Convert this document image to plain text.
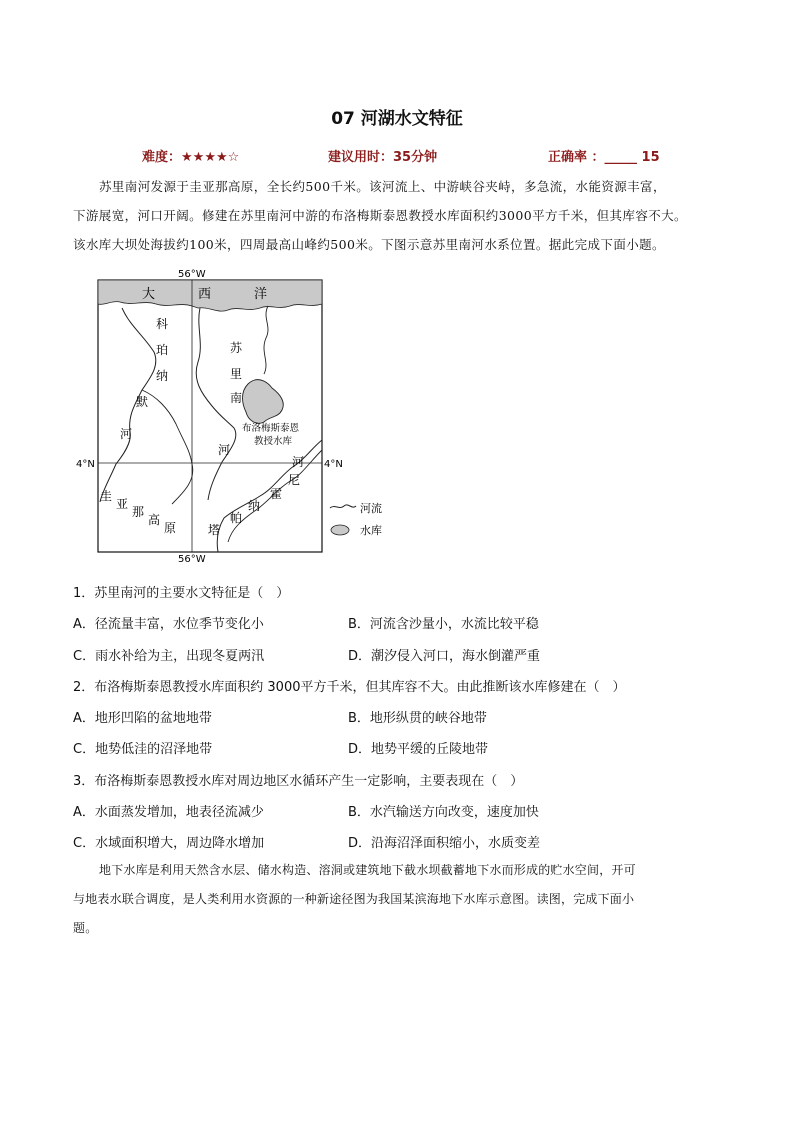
07 河湖水文特征
难度：★★★★☆	建议用时：35分钟	正确率 ：_____ 15
苏里南河发源于圭亚那高原，全长约500千米。该河流上、中游峡谷夹峙，多急流，水能资源丰富，
下游展宽，河口开阔。修建在苏里南河中游的布洛梅斯泰恩教授水库面积约3000平方千米，但其库容不大。
该水库大坝处海拔约100米，四周最高山峰约500米。下图示意苏里南河水系位置。据此完成下面小题。
56°W
56°W
4°N	4°N
大	西	洋
科
珀
纳
默
河
苏
里
南
河
布洛梅斯泰恩
教授水库
圭
亚
那
高
原	塔
帕
纳
霍
尼
河
河流
水库
1．苏里南河的主要水文特征是（　）
A．径流量丰富，水位季节变化小	B．河流含沙量小，水流比较平稳
C．雨水补给为主，出现冬夏两汛	D．潮汐侵入河口，海水倒灌严重
2．布洛梅斯泰恩教授水库面积约 3000平方千米，但其库容不大。由此推断该水库修建在（　）
A．地形凹陷的盆地地带	B．地形纵贯的峡谷地带
C．地势低洼的沼泽地带	D．地势平缓的丘陵地带
3．布洛梅斯泰恩教授水库对周边地区水循环产生一定影响，主要表现在（　）
A．水面蒸发增加，地表径流减少	B．水汽输送方向改变，速度加快
C．水域面积增大，周边降水增加	D．沿海沼泽面积缩小，水质变差
地下水库是利用天然含水层、储水构造、溶洞或建筑地下截水坝截蓄地下水而形成的贮水空间，开可
与地表水联合调度，是人类利用水资源的一种新途径图为我国某滨海地下水库示意图。读图，完成下面小
题。
